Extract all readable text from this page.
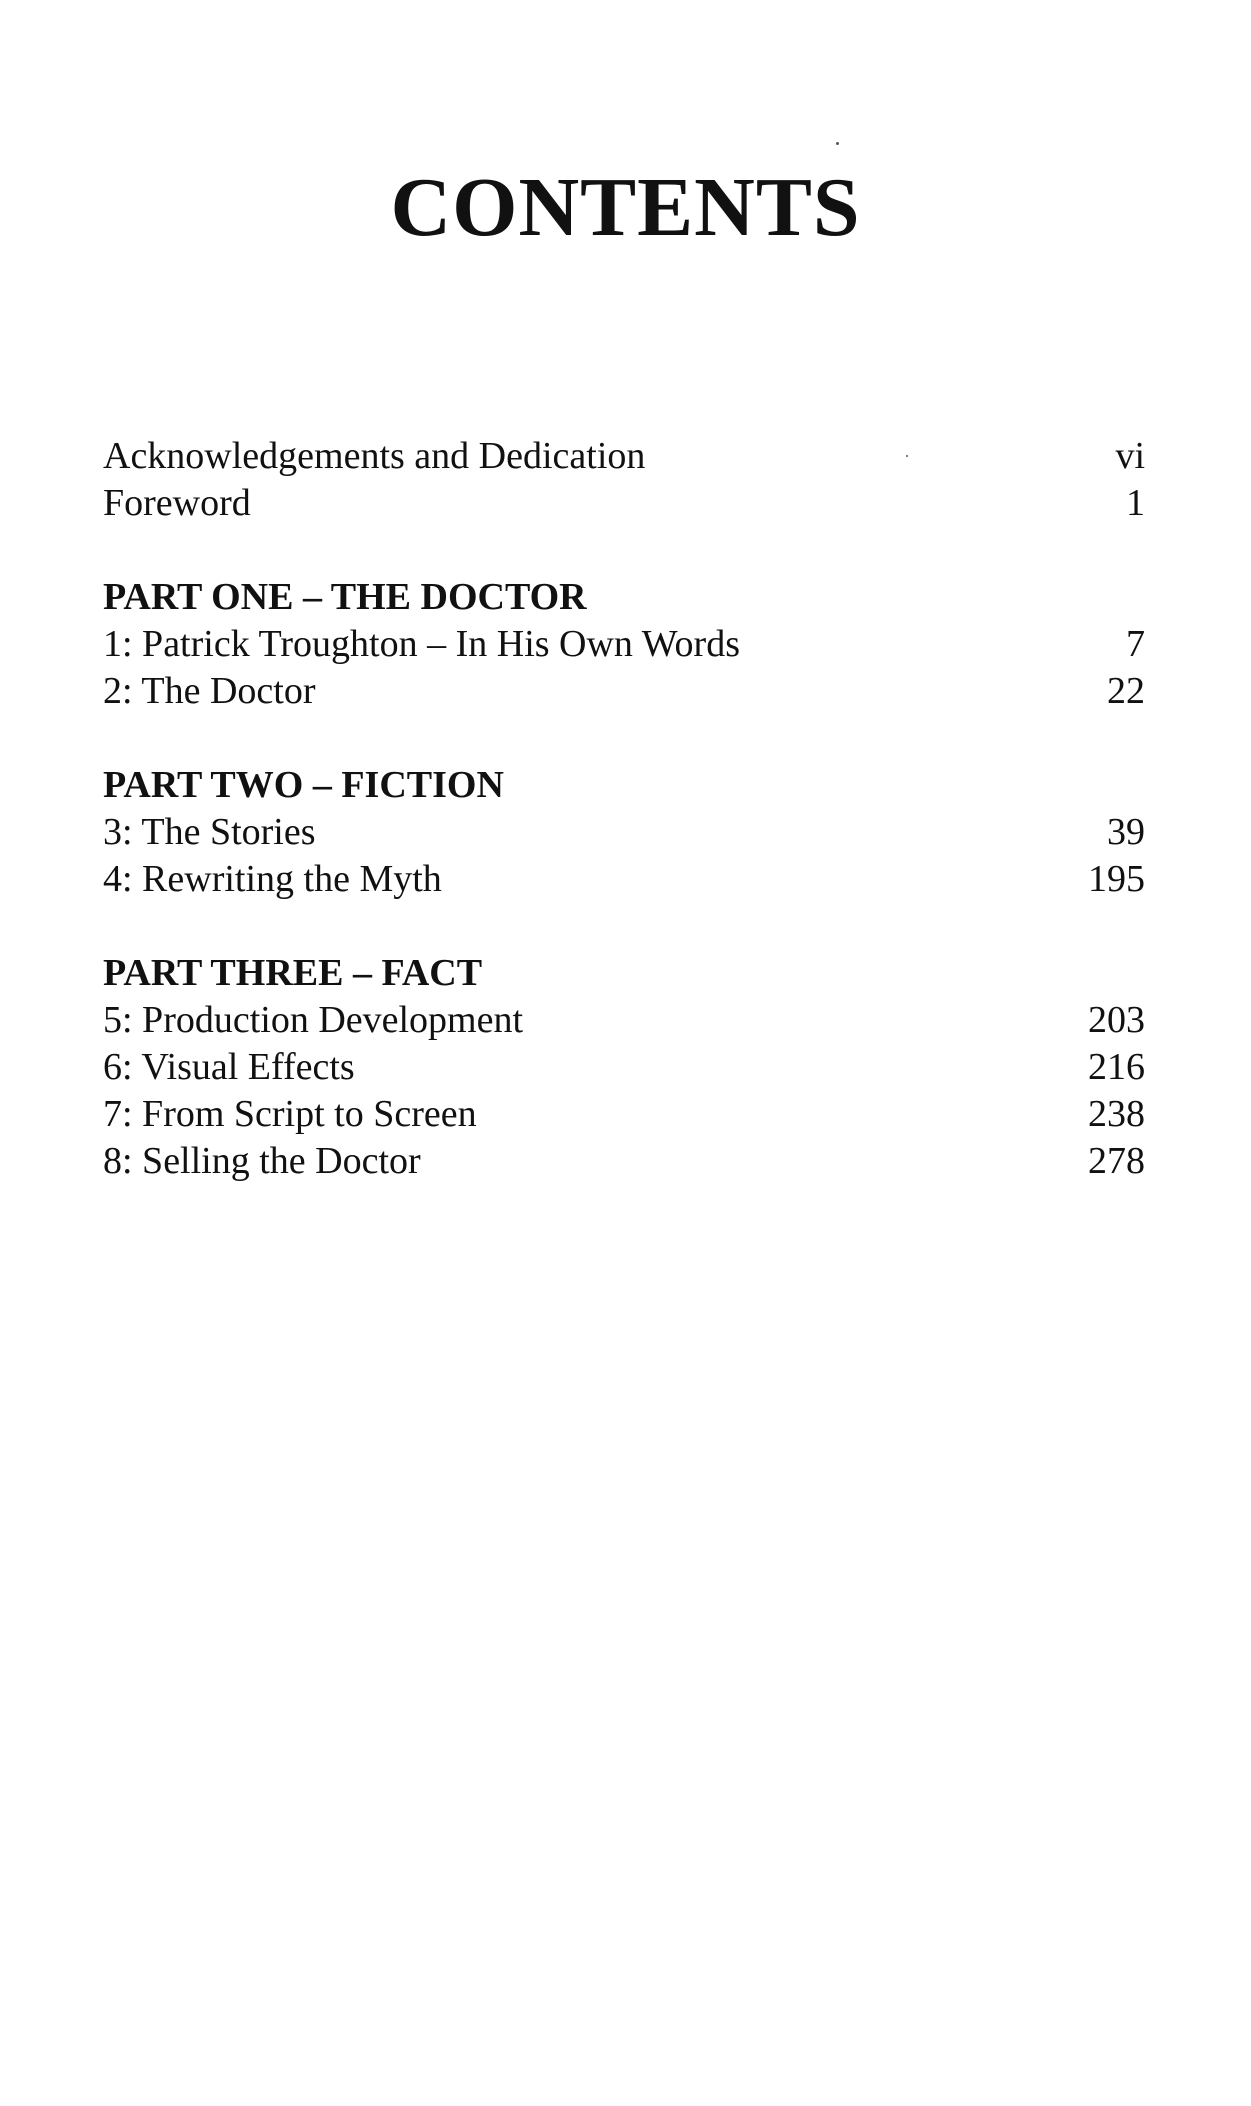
CONTENTS
Acknowledgements and Dedication	vi
Foreword	1
PART ONE – THE DOCTOR
1: Patrick Troughton – In His Own Words	7
2: The Doctor	22
PART TWO – FICTION
3: The Stories	39
4: Rewriting the Myth	195
PART THREE – FACT
5: Production Development	203
6: Visual Effects	216
7: From Script to Screen	238
8: Selling the Doctor	278
